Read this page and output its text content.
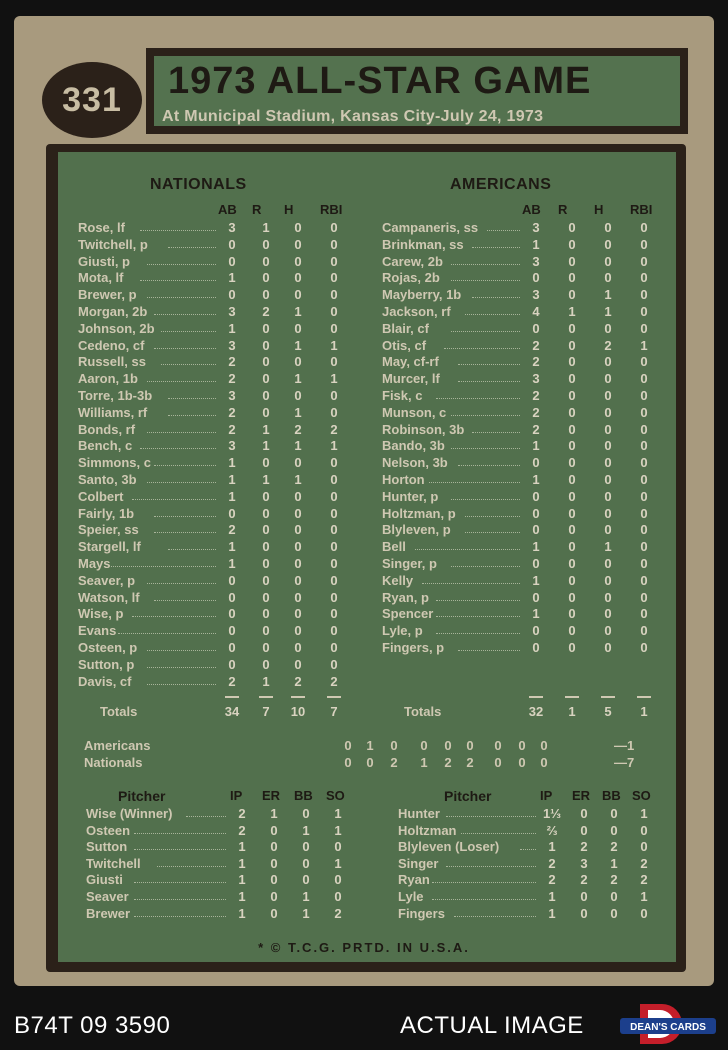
331 1973 ALL-STAR GAME
At Municipal Stadium, Kansas City-July 24, 1973
NATIONALS
AB R H RBI
Rose, lf	3	1	0	0
Twitchell, p	0	0	0	0
Giusti, p	0	0	0	0
Mota, lf	1	0	0	0
Brewer, p	0	0	0	0
Morgan, 2b	3	2	1	0
Johnson, 2b	1	0	0	0
Cedeno, cf	3	0	1	1
Russell, ss	2	0	0	0
Aaron, 1b	2	0	1	1
Torre, 1b-3b	3	0	0	0
Williams, rf	2	0	1	0
Bonds, rf	2	1	2	2
Bench, c	3	1	1	1
Simmons, c	1	0	0	0
Santo, 3b	1	1	1	0
Colbert	1	0	0	0
Fairly, 1b	0	0	0	0
Speier, ss	2	0	0	0
Stargell, lf	1	0	0	0
Mays	1	0	0	0
Seaver, p	0	0	0	0
Watson, lf	0	0	0	0
Wise, p	0	0	0	0
Evans	0	0	0	0
Osteen, p	0	0	0	0
Sutton, p	0	0	0	0
Davis, cf	2	1	2	2
Totals	34	7	10	7
AMERICANS
AB R H RBI
Campaneris, ss	3	0	0	0
Brinkman, ss	1	0	0	0
Carew, 2b	3	0	0	0
Rojas, 2b	0	0	0	0
Mayberry, 1b	3	0	1	0
Jackson, rf	4	1	1	0
Blair, cf	0	0	0	0
Otis, cf	2	0	2	1
May, cf-rf	2	0	0	0
Murcer, lf	3	0	0	0
Fisk, c	2	0	0	0
Munson, c	2	0	0	0
Robinson, 3b	2	0	0	0
Bando, 3b	1	0	0	0
Nelson, 3b	0	0	0	0
Horton	1	0	0	0
Hunter, p	0	0	0	0
Holtzman, p	0	0	0	0
Blyleven, p	0	0	0	0
Bell	1	0	1	0
Singer, p	0	0	0	0
Kelly	1	0	0	0
Ryan, p	0	0	0	0
Spencer	1	0	0	0
Lyle, p	0	0	0	0
Fingers, p	0	0	0	0
Totals	32	1	5	1
Americans	0	1	0	0	0	0	0	0	0	—1
Nationals	0	0	2	1	2	2	0	0	0	—7
Pitcher	IP ER BB SO
Wise (Winner)	2	1	0	1
Osteen	2	0	1	1
Sutton	1	0	0	0
Twitchell	1	0	0	1
Giusti	1	0	0	0
Seaver	1	0	1	0
Brewer	1	0	1	2
Pitcher	IP ER BB SO
Hunter	1⅓	0	0	1
Holtzman	⅔	0	0	0
Blyleven (Loser)	1	2	2	0
Singer	2	3	1	2
Ryan	2	2	2	2
Lyle	1	0	0	1
Fingers	1	0	0	0
* © T.C.G. PRTD. IN U.S.A.
B74T 09 3590	ACTUAL IMAGE	DEAN'S CARDS
